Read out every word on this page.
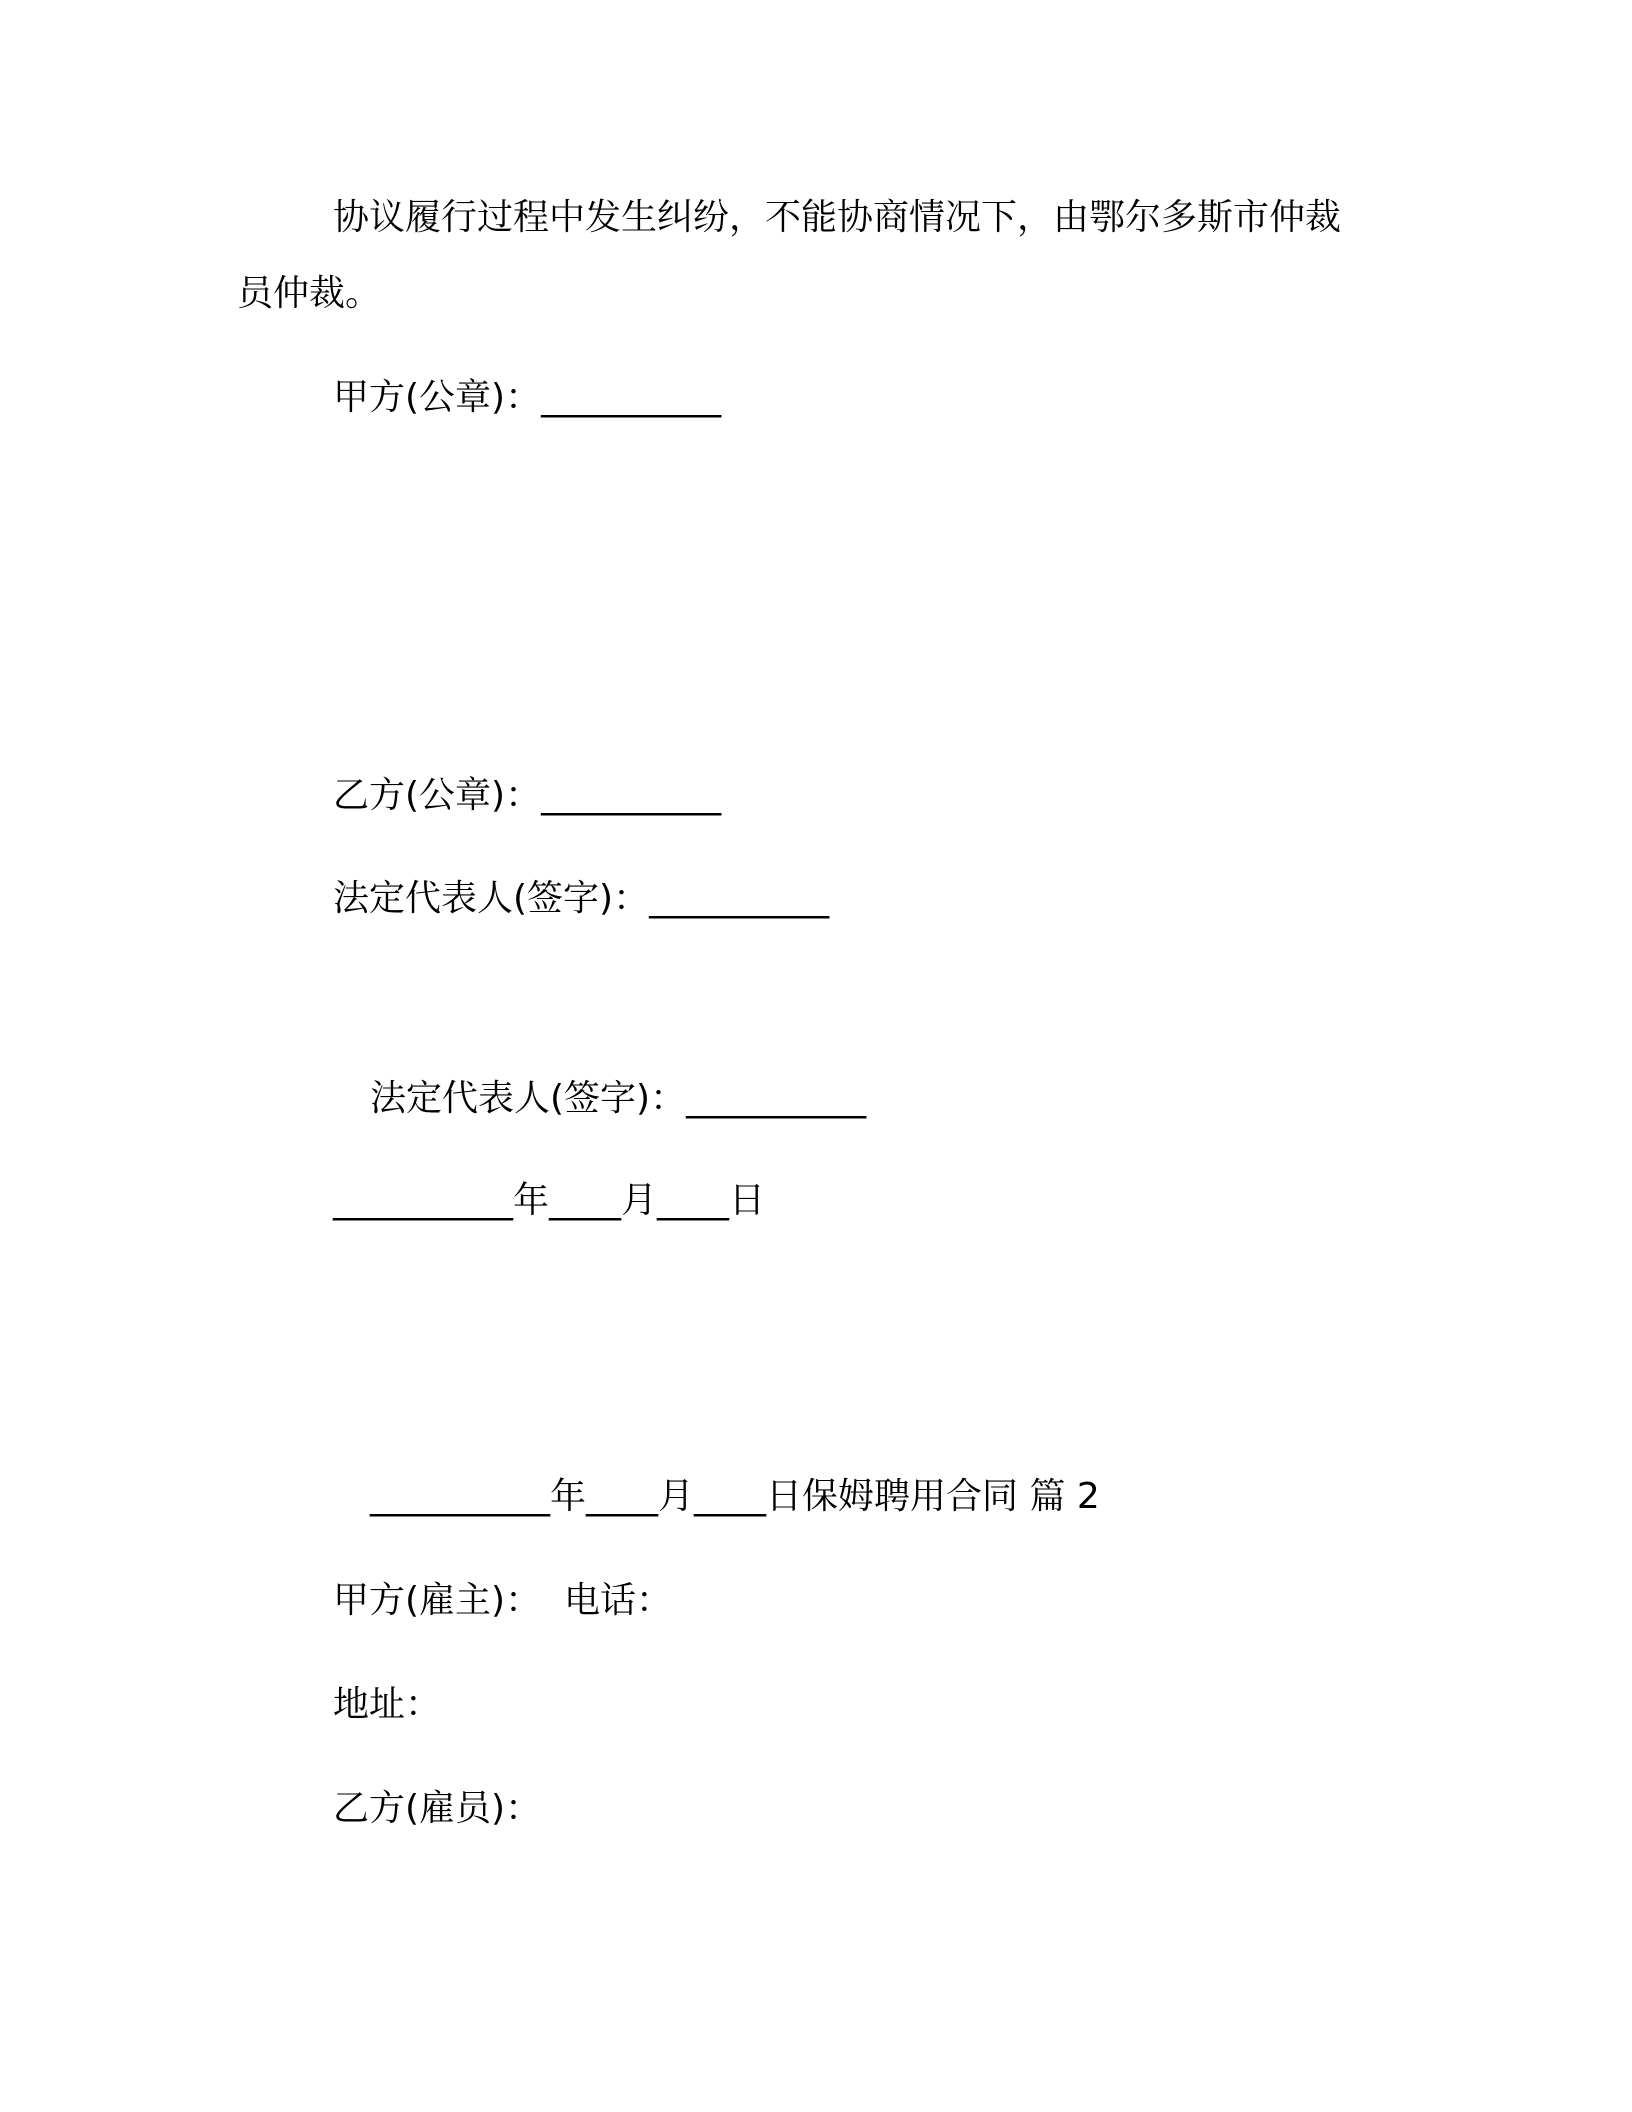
协议履行过程中发生纠纷，不能协商情况下，由鄂尔多斯市仲裁
员仲裁。
甲方(公章)：__________
乙方(公章)：__________
法定代表人(签字)：__________
法定代表人(签字)：__________
__________年____月____日
__________年____月____日保姆聘用合同 篇 2
甲方(雇主)：  电话：
地址：
乙方(雇员)：
